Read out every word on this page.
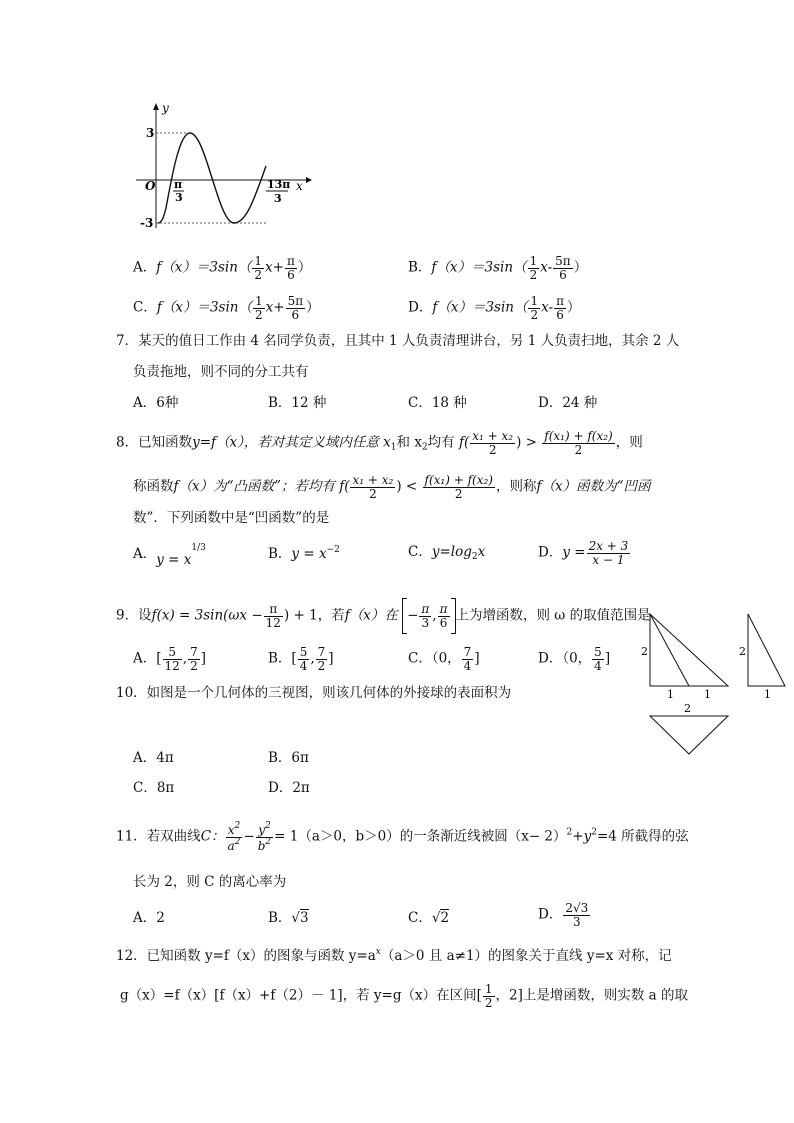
y
x
O
3
-3
π
3
13π
3
A．$f(x)=3\sin( \frac{1}{2} x+ \frac{\pi}{6}$ ）	B．$f(x)=3\sin( \frac{1}{2} x- \frac{5\pi}{6}$ ）
C．$f(x)=3\sin( \frac{1}{2} x+ \frac{5\pi}{6}$ ）	D．$f(x)=3\sin( \frac{1}{2} x- \frac{\pi}{6}$ ）
7．某天的值日工作由 4 名同学负责，且其中 1 人负责清理讲台，另 1 人负责扫地，其余 2 人
负责拖地，则不同的分工共有
A．6种	B．12 种	C．18 种	D．24 种
8．已知函数y=f（x），若对其定义域内任意 $x_1$和 $x_2$均有 $f( \frac{\text{x₁ + x₂}}{2}$ ) > $\frac{\text{f(x₁) + f(x₂)}}{2}$ ，则
称函数f（x）为“凸函数”；若均有 $f( \frac{\text{x₁ + x₂}}{2}$ ) < $\frac{\text{f(x₁) + f(x₂)}}{2}$ ，则称f（x）函数为“凹函
数”．下列函数中是“凹函数”的是
A．$y = x^{1/3}$	B．$y = x^{-2}$	C．$y=\log_2x$	D．$y = \frac{2x + 3}{x - 1}$
9．设$f(x) = 3\sin(\omega x - \frac{\pi}{12}$ ) + 1，若f（x）在 − $\frac{\pi}{3}$ , $\frac{\pi}{6}$ 上为增函数，则 ω 的取值范围是
A．[ $\frac{5}{12}$ , $\frac{7}{2}$ ]	B．[ $\frac{5}{4}$ , $\frac{7}{2}$ ]	C．（0， $\frac{7}{4}$ ]	D．（0， $\frac{5}{4}$ ]	2
1	1
2
1
2
10．如图是一个几何体的三视图，则该几何体的外接球的表面积为
A．4π	B．6π
C．8π	D．2π
11．若双曲线C： $\frac{x^2}{a^2} - \frac{y^2}{b^2} = 1(a>0$，b＞0）的一条渐近线被圆$(x- 2)^2+y^2=4$ 所截得的弦
长为 2，则 C 的离心率为
A．2	B．√3	C．√2	D． $\frac{2√3}{3}$
12．已知函数 y=f（x）的图象与函数 $y=a^x(a>0$ 且 a≠1）的图象关于直线 y=x 对称，记
g（x）=f（x）[f（x）+f（2）－ 1]，若 y=g（x）在区间[ $\frac{1}{2}$ ，2]上是增函数，则实数 a 的取
